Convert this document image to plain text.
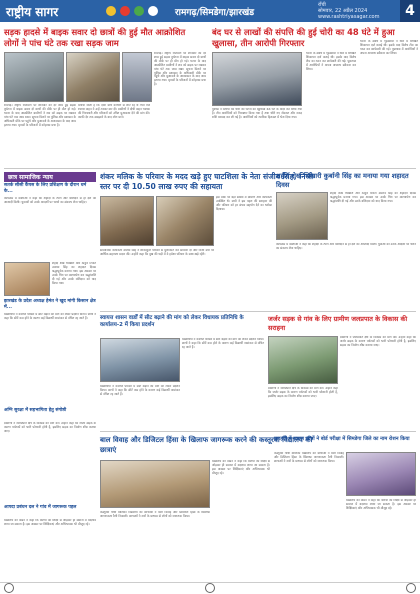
राष्ट्रीय सागर	रामगढ़/सिमडेगा/झारखंड
राँची
सोमवार, 22 अप्रैल 2024
www.rashtriyasagar.com	4
सड़क हादसे में बाइक सवार दो छात्रों की हुई मौत आक्रोशित लोगों ने पांच घंटे तक रखा सड़क जाम
रामगढ़। राष्ट्रीय राजमार्ग पर शनिवार की देर शाम हुई सड़क दुर्घटना में बाइक सवार दो छात्रों की मौके पर ही मौत हो गई। घटना के बाद आक्रोशित ग्रामीणों ने शव को सड़क पर रखकर पांच घंटे तक जाम रखा। सूचना मिलने पर पुलिस और प्रशासन के अधिकारी मौके पर पहुंचे और मुआवजे के आश्वासन के बाद जाम हटाया गया। मृतकों के परिजनों में कोहराम मचा है।
बताया जाता है कि दोनों छात्र कोचिंग से लौट रहे थे तभी तेज रफ्तार वाहन ने उन्हें टक्कर मार दी। ग्रामीणों ने दोषी वाहन चालक की गिरफ्तारी और परिजनों को उचित मुआवजा देने की मांग की। काफी देर तक समझाने के बाद लोग माने।
रामगढ़। राष्ट्रीय राजमार्ग पर शनिवार की देर शाम हुई सड़क दुर्घटना में बाइक सवार दो छात्रों की मौके पर ही मौत हो गई। घटना के बाद आक्रोशित ग्रामीणों ने शव को सड़क पर रखकर पांच घंटे तक जाम रखा। सूचना मिलने पर पुलिस और प्रशासन के अधिकारी मौके पर पहुंचे और मुआवजे के आश्वासन के बाद जाम हटाया गया। मृतकों के परिजनों में कोहराम मचा है।
बंद घर से लाखों की संपत्ति की हुई चोरी का 48 घंटे में हुआ खुलासा, तीन आरोपी गिरफ्तार
पुलिस ने बताया कि चोरी की घटना का खुलासा 48 घंटे के अंदर कर लिया गया है। तीन आरोपियों को गिरफ्तार किया गया है तथा चोरी गए जेवरात और नकद राशि बरामद कर ली गई है। आरोपियों को न्यायिक हिरासत में भेज दिया गया।
घटना के संबंध में गृहस्वामी ने थाने में लिखित शिकायत दर्ज कराई थी। इसके बाद विशेष टीम का गठन कर छापेमारी की गई। पूछताछ में आरोपियों ने अपना अपराध स्वीकार कर लिया।
घटना के संबंध में गृहस्वामी ने थाने में लिखित शिकायत दर्ज कराई थी। इसके बाद विशेष टीम का गठन कर छापेमारी की गई। पूछताछ में आरोपियों ने अपना अपराध स्वीकार कर लिया।
छात्र सामाजिक न्याय
सतर्क सीसी कैंपस के लिए प्रशिक्षण के दौरान धर्म के...
कार्यक्रम में वक्ताओं ने कहा कि शहीदों के त्याग और बलिदान से ही देश को आजादी मिली। युवाओं को उनके आदर्शों पर चलने का संकल्प लेना चाहिए।
शहीद शेख भिखारी और ठाकुर टिकैत उमराव सिंह का शहादत दिवस श्रद्धापूर्वक मनाया गया। इस अवसर पर उनके चित्र पर माल्यार्पण कर श्रद्धांजलि दी गई और उनके बलिदान को याद किया गया।
झारखंड के प्रदेश अध्यक्ष हेमंत ने खुद मांगी किसान क्षेत्र में...
विद्यार्थियों ने कॉलेज परिसर में सीट बढ़ाने की मांग को लेकर प्रदर्शन किया। छात्रों ने कहा कि सीटें कम होने के कारण कई विद्यार्थी नामांकन से वंचित रह जाते हैं।
अग्नि सुरक्षा में सहभागिता हेतु संगोष्ठी
ग्रामीणों ने जलप्रपात क्षेत्र के विकास की मांग की। उन्होंने कहा कि जर्जर सड़क के कारण पर्यटकों को भारी परेशानी होती है, इसलिए सड़क का निर्माण शीघ्र कराया जाए।
आपदा प्रबंधन दल ने गांव में जागरूक पहल
विद्यालय की वार्डन ने कहा कि बेटियों को शिक्षा से जोड़कर ही समाज में बदलाव लाया जा सकता है। इस अवसर पर शिक्षिकाएं और अभिभावक भी मौजूद रहे।
शंकर मलिक के परिवार के मदद खड़े हुए घाटशिला के नेता संजीव सिंह, निजी स्तर पर दी 10.50 लाख रुपए की सहायता
इस मौके पर बड़ी संख्या में ग्रामीण और कार्यकर्ता उपस्थित थे। सभी ने इस पहल की सराहना की और परिवार को हर संभव सहयोग देने का भरोसा दिलाया।
सामाजिक कार्यकर्ता संजीव सिंह ने शोकाकुल परिवार से मुलाकात कर सांत्वना दी और निजी स्तर पर आर्थिक सहायता प्रदान की। उन्होंने कहा कि दुख की घड़ी में वे हमेशा परिवार के साथ खड़े रहेंगे।
शहीद शेख भिखारी कुर्बानी सिंह का मनाया गया शहादत दिवस
शहीद शेख भिखारी और ठाकुर टिकैत उमराव सिंह का शहादत दिवस श्रद्धापूर्वक मनाया गया। इस अवसर पर उनके चित्र पर माल्यार्पण कर श्रद्धांजलि दी गई और उनके बलिदान को याद किया गया।
कार्यक्रम में वक्ताओं ने कहा कि शहीदों के त्याग और बलिदान से ही देश को आजादी मिली। युवाओं को उनके आदर्शों पर चलने का संकल्प लेना चाहिए।
स्वायत्त शासन वार्डों में सीट बढ़ाने की मांग को लेकर विधायक प्रतिनिधि के कार्यालय-2 में किया प्रदर्शन
विद्यार्थियों ने कॉलेज परिसर में सीट बढ़ाने की मांग को लेकर प्रदर्शन किया। छात्रों ने कहा कि सीटें कम होने के कारण कई विद्यार्थी नामांकन से वंचित रह जाते हैं।
विद्यार्थियों ने कॉलेज परिसर में सीट बढ़ाने की मांग को लेकर प्रदर्शन किया। छात्रों ने कहा कि सीटें कम होने के कारण कई विद्यार्थी नामांकन से वंचित रह जाते हैं।
जर्जर सड़क से गांव के लिए ग्रामीण जलप्रपात के विकास की सराहना
ग्रामीणों ने जलप्रपात क्षेत्र के विकास की मांग की। उन्होंने कहा कि जर्जर सड़क के कारण पर्यटकों को भारी परेशानी होती है, इसलिए सड़क का निर्माण शीघ्र कराया जाए।
ग्रामीणों ने जलप्रपात क्षेत्र के विकास की मांग की। उन्होंने कहा कि जर्जर सड़क के कारण पर्यटकों को भारी परेशानी होती है, इसलिए सड़क का निर्माण शीघ्र कराया जाए।
बाल विवाह और डिजिटल हिंसा के खिलाफ जागरूक करने की कस्तूरबा विद्यालय की छात्राएं
विद्यालय की वार्डन ने कहा कि बेटियों को शिक्षा से जोड़कर ही समाज में बदलाव लाया जा सकता है। इस अवसर पर शिक्षिकाएं और अभिभावक भी मौजूद रहे।
कस्तूरबा गांधी बालिका विद्यालय की छात्राओं ने बाल विवाह और डिजिटल हिंसा के खिलाफ जागरूकता रैली निकाली। छात्राओं ने नारों के माध्यम से लोगों को जागरूक किया।
बारहवीं में सफल छात्रों ने बोर्ड परीक्षा में सिमडेगा जिले का नाम रोशन किया
कस्तूरबा गांधी बालिका विद्यालय की छात्राओं ने बाल विवाह और डिजिटल हिंसा के खिलाफ जागरूकता रैली निकाली। छात्राओं ने नारों के माध्यम से लोगों को जागरूक किया।
विद्यालय की वार्डन ने कहा कि बेटियों को शिक्षा से जोड़कर ही समाज में बदलाव लाया जा सकता है। इस अवसर पर शिक्षिकाएं और अभिभावक भी मौजूद रहे।
